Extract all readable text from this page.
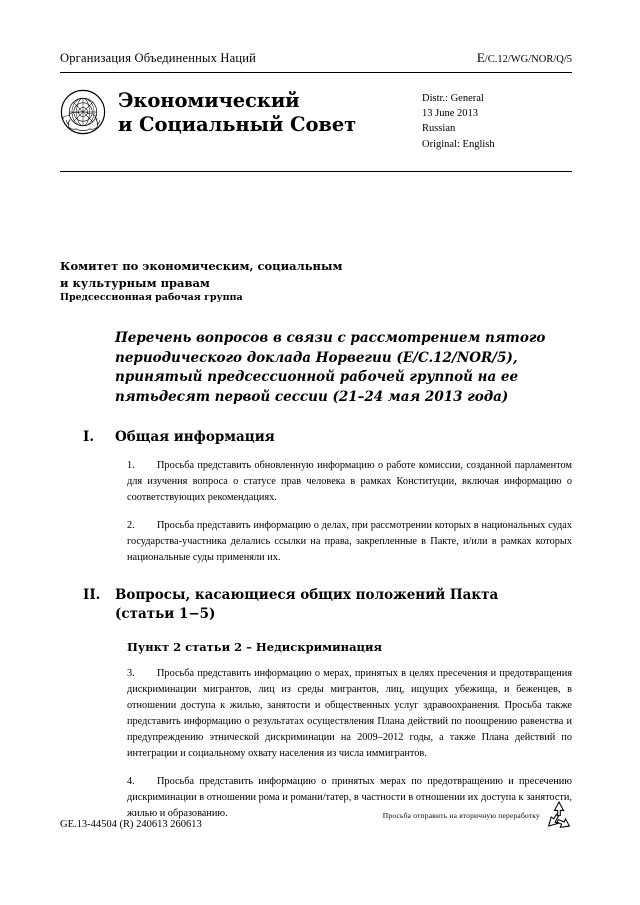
Организация Объединенных Наций	E/C.12/WG/NOR/Q/5
Экономический
и Социальный Совет
Distr.: General
13 June 2013
Russian
Original: English
Комитет по экономическим, социальным
и культурным правам
Предсессионная рабочая группа
Перечень вопросов в связи с рассмотрением пятого
периодического доклада Норвегии (E/C.12/NOR/5),
принятый предсессионной рабочей группой на ее
пятьдесят первой сессии (21–24 мая 2013 года)
I.	Общая информация

1. Просьба представить обновленную информацию о работе комиссии, созданной парламентом для изучения вопроса о статусе прав человека в рамках Конституции, включая информацию о соответствующих рекомендациях.

2. Просьба представить информацию о делах, при рассмотрении которых в национальных судах государства-участника делались ссылки на права, закрепленные в Пакте, и/или в рамках которых национальные суды применяли их.

II.	Вопросы, касающиеся общих положений Пакта
(статьи 1−5)
Пункт 2 статьи 2 – Недискриминация

3. Просьба представить информацию о мерах, принятых в целях пресечения и предотвращения дискриминации мигрантов, лиц из среды мигрантов, лиц, ищущих убежища, и беженцев, в отношении доступа к жилью, занятости и общественных услуг здравоохранения. Просьба также представить информацию о результатах осуществления Плана действий по поощрению равенства и предупреждению этнической дискриминации на 2009–2012 годы, а также Плана действий по интеграции и социальному охвату населения из числа иммигрантов.

4. Просьба представить информацию о принятых мерах по предотвращению и пресечению дискриминации в отношении рома и романи/татер, в частности в отношении их доступа к занятости, жилью и образованию.

GE.13-44504 (R) 240613 260613
Просьба отправить на вторичную переработку
